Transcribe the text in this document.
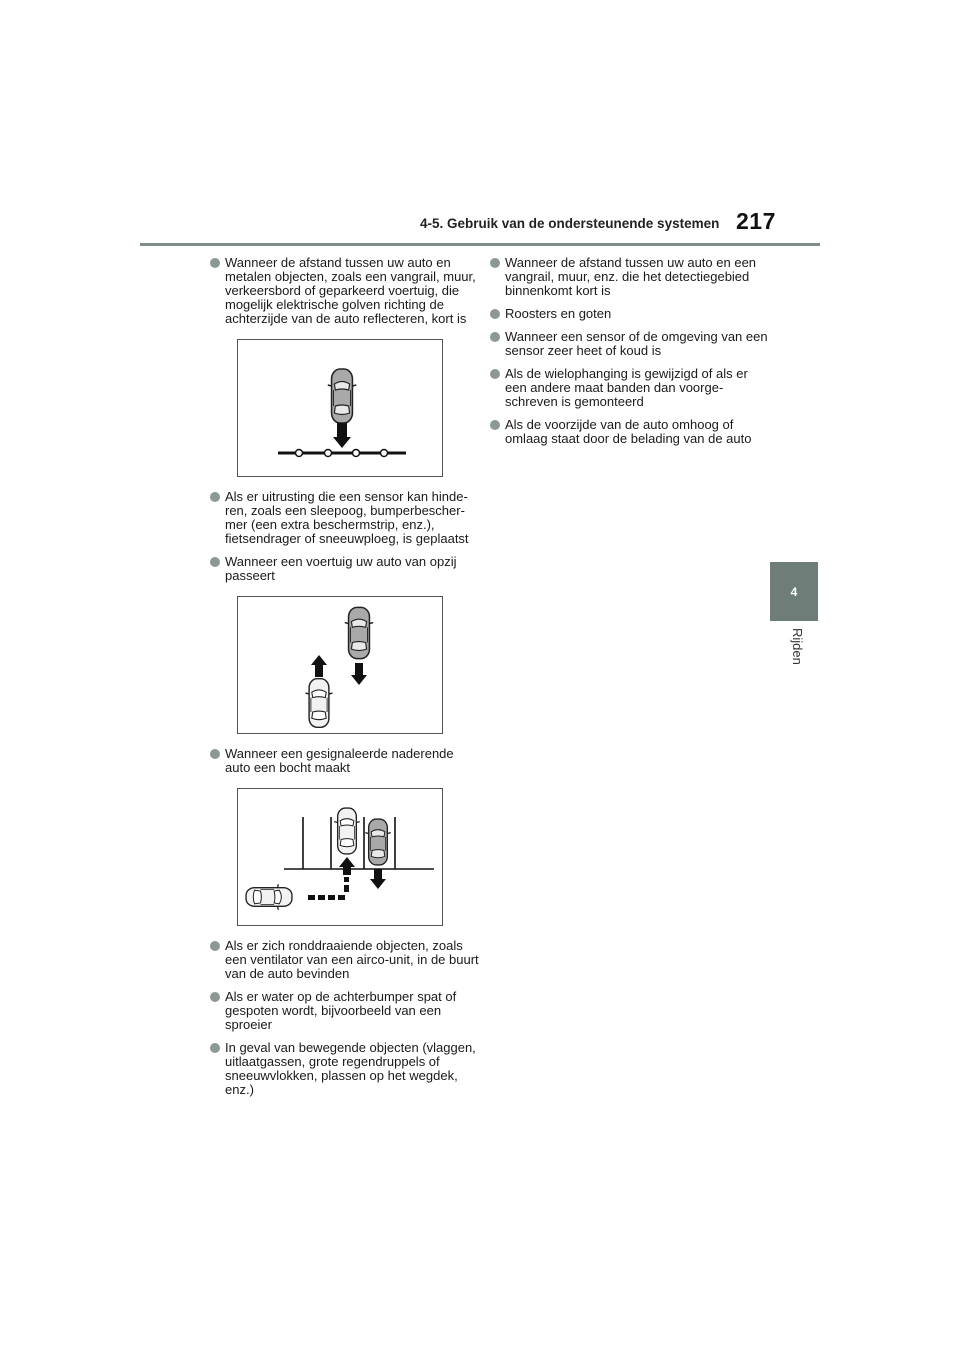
4-5. Gebruik van de ondersteunende systemen 217
4
Rijden
Wanneer de afstand tussen uw auto en metalen objecten, zoals een vangrail, muur, verkeersbord of geparkeerd voertuig, die mogelijk elektrische golven richting de achterzijde van de auto reflecteren, kort is
Als er uitrusting die een sensor kan hinderen, zoals een sleepoog, bumperbeschermer (een extra beschermstrip, enz.), fietsendrager of sneeuwploeg, is geplaatst
Wanneer een voertuig uw auto van opzij passeert
Wanneer een gesignaleerde naderende auto een bocht maakt
Als er zich ronddraaiende objecten, zoals een ventilator van een airco-unit, in de buurt van de auto bevinden
Als er water op de achterbumper spat of gespoten wordt, bijvoorbeeld van een sproeier
In geval van bewegende objecten (vlaggen, uitlaatgassen, grote regendruppels of sneeuwvlokken, plassen op het wegdek, enz.)
Wanneer de afstand tussen uw auto en een vangrail, muur, enz. die het detectiegebied binnenkomt kort is
Roosters en goten
Wanneer een sensor of de omgeving van een sensor zeer heet of koud is
Als de wielophanging is gewijzigd of als er een andere maat banden dan voorgeschreven is gemonteerd
Als de voorzijde van de auto omhoog of omlaag staat door de belading van de auto
